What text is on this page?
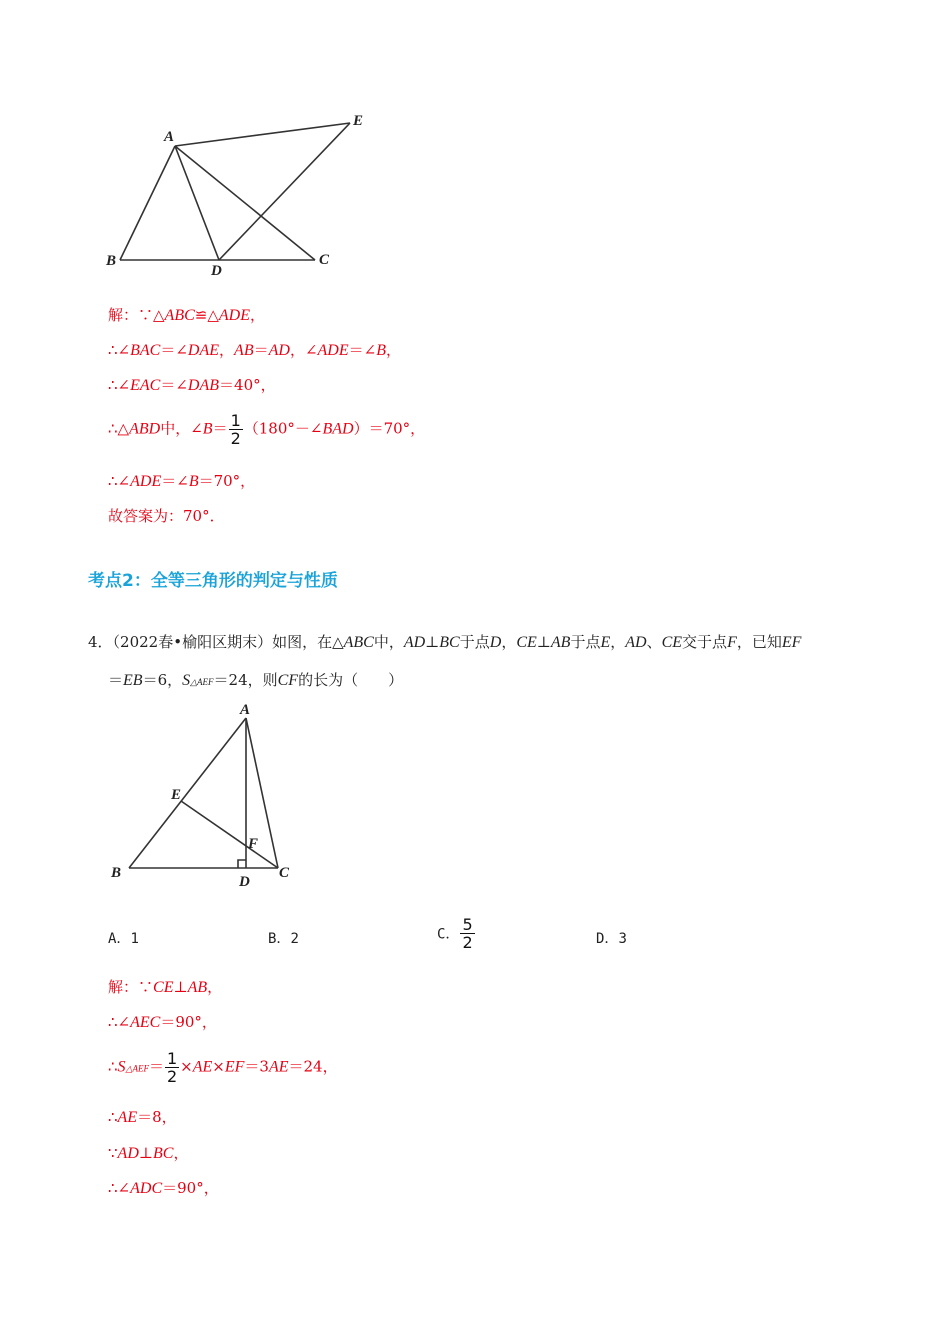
A
B	C
D
E
解：∵△ABC≌△ADE，
∴∠BAC＝∠DAE，AB＝AD，∠ADE＝∠B，
∴∠EAC＝∠DAB＝40°，
∴△ABD中，∠B＝ $\frac{1}{2}$ （180°－∠BAD）＝70°，
∴∠ADE＝∠B＝70°，
故答案为：70°．
考点2：全等三角形的判定与性质
4．（2022春•榆阳区期末）如图，在△ABC中，AD⊥BC于点D，CE⊥AB于点E，AD、CE交于点F，已知EF
＝EB＝6，S△AEF＝24，则CF的长为（　　）
A
B	C
D
E
F
A．1	B．2	C． $\frac{5}{2}$	D．3
解：∵CE⊥AB，
∴∠AEC＝90°，
∴S△AEF＝ $\frac{1}{2} \times AE\times EF=3AE=24$，
∴AE＝8，
∵AD⊥BC，
∴∠ADC＝90°，
